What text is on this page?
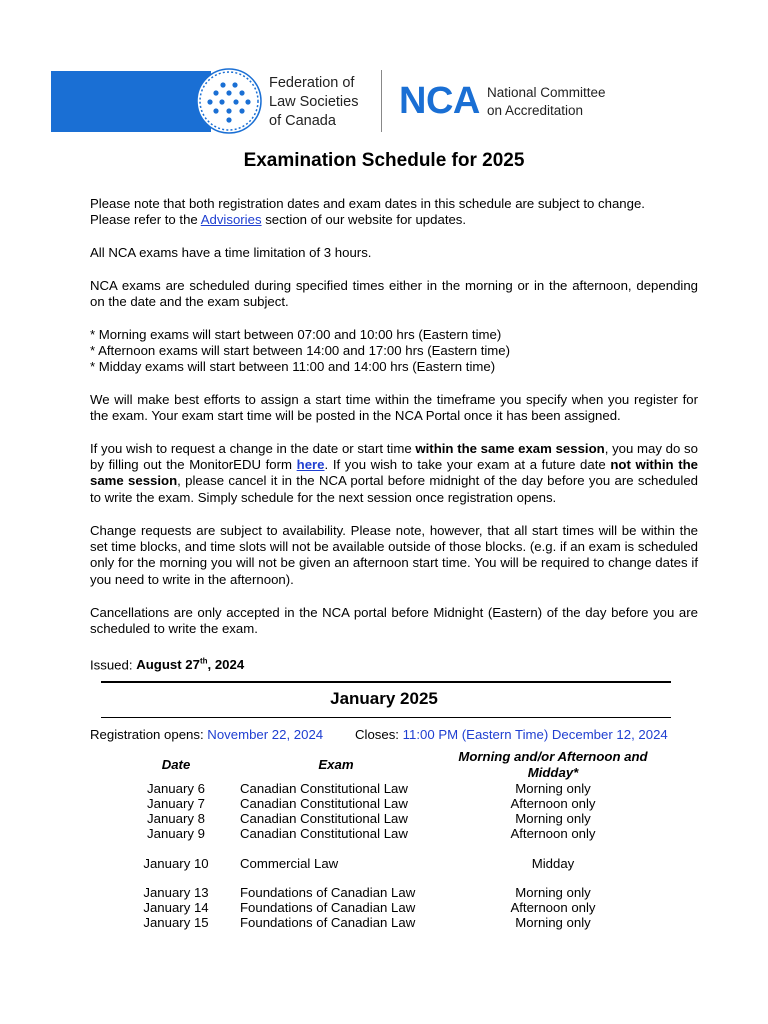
Federation of
Law Societies
of Canada	NCA National Committee
on Accreditation
Examination Schedule for 2025
Please note that both registration dates and exam dates in this schedule are subject to change.
Please refer to the Advisories section of our website for updates.
All NCA exams have a time limitation of 3 hours.

NCA exams are scheduled during specified times either in the morning or in the afternoon, depending on the date and the exam subject.

* Morning exams will start between 07:00 and 10:00 hrs (Eastern time)
* Afternoon exams will start between 14:00 and 17:00 hrs (Eastern time)
* Midday exams will start between 11:00 and 14:00 hrs (Eastern time)

We will make best efforts to assign a start time within the timeframe you specify when you register for the exam. Your exam start time will be posted in the NCA Portal once it has been assigned.

If you wish to request a change in the date or start time within the same exam session, you may do so by filling out the MonitorEDU form here. If you wish to take your exam at a future date not within the same session, please cancel it in the NCA portal before midnight of the day before you are scheduled to write the exam. Simply schedule for the next session once registration opens.

Change requests are subject to availability. Please note, however, that all start times will be within the set time blocks, and time slots will not be available outside of those blocks. (e.g. if an exam is scheduled only for the morning you will not be given an afternoon start time. You will be required to change dates if you need to write in the afternoon).

Cancellations are only accepted in the NCA portal before Midnight (Eastern) of the day before you are scheduled to write the exam.

Issued: August 27th, 2024
January 2025
Registration opens: November 22, 2024 Closes: 11:00 PM (Eastern Time) December 12, 2024
Date	Exam
Morning and/or Afternoon and
Midday*
January 6	Canadian Constitutional Law	Morning only
January 7	Canadian Constitutional Law	Afternoon only
January 8	Canadian Constitutional Law	Morning only
January 9	Canadian Constitutional Law	Afternoon only
January 10	Commercial Law	Midday
January 13	Foundations of Canadian Law	Morning only
January 14	Foundations of Canadian Law	Afternoon only
January 15	Foundations of Canadian Law	Morning only
